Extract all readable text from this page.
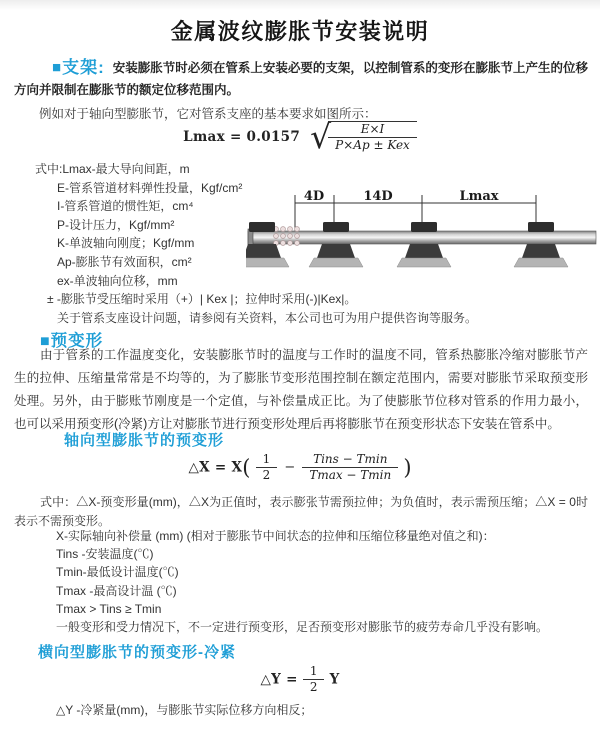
金属波纹膨胀节安装说明

■支架: 安装膨胀节时必须在管系上安装必要的支架，以控制管系的变形在膨胀节上产生的位移方向并限制在膨胀节的额定位移范围内。

例如对于轴向型膨胀节，它对管系支座的基本要求如图所示：

Lmax = 0.0157 √
$\frac{E\times I}{\text{P×Ap ± Kex}}$
式中:Lmax-最大导向间距，m
E-管系管道材料弹性投量，Kgf/cm²
I-管系管道的惯性矩，cm⁴
P-设计压力，Kgf/mm²
K-单波轴向刚度；Kgf/mm
Ap-膨胀节有效面积，cm²
ex-单波轴向位移，mm
± -膨胀节受压缩时采用（+）| Kex |；拉伸时采用(-)|Kex|。
关于管系支座设计问题，请参阅有关资料，本公司也可为用户提供咨询等服务。
4D	14D	Lmax
■预变形

由于管系的工作温度变化，安装膨胀节时的温度与工作时的温度不同，管系热膨胀冷缩对膨胀节产生的拉伸、压缩量常常是不均等的，为了膨胀节变形范围控制在额定范围内，需要对膨胀节采取预变形处理。另外，由于膨账节刚度是一个定值，与补偿量成正比。为了使膨胀节位移对管系的作用力最小，也可以采用预变形(冷紧)方让对膨胀节进行预变形处理后再将膨胀节在预变形状态下安装在管系中。

轴向型膨胀节的预变形
△X = $X( \frac{1}{2} - \frac{\text{Tins − Tmin}}{Tmax - Tmin}$ )

式中：△X-预变形量(mm)，△X为正值时，表示膨张节需预拉伸；为负值时，表示需预压缩；△X = 0时表示不需预变形。

X-实际轴向补偿量 (mm) (相对于膨胀节中间状态的拉伸和压缩位移量绝对值之和)：
Tins -安装温度(℃)
Tmin-最低设计温度(℃)
Tmax -最高设计温 (℃)
Tmax > Tins ≥ Tmin
一般变形和受力情况下，不一定进行预变形，足否预变形对膨胀节的疲劳寿命几乎没有影响。
横向型膨胀节的预变形-冷紧
△Y = $\frac{1}{2}$ Y
△Y -冷紧量(mm)，与膨胀节实际位移方向相反；
